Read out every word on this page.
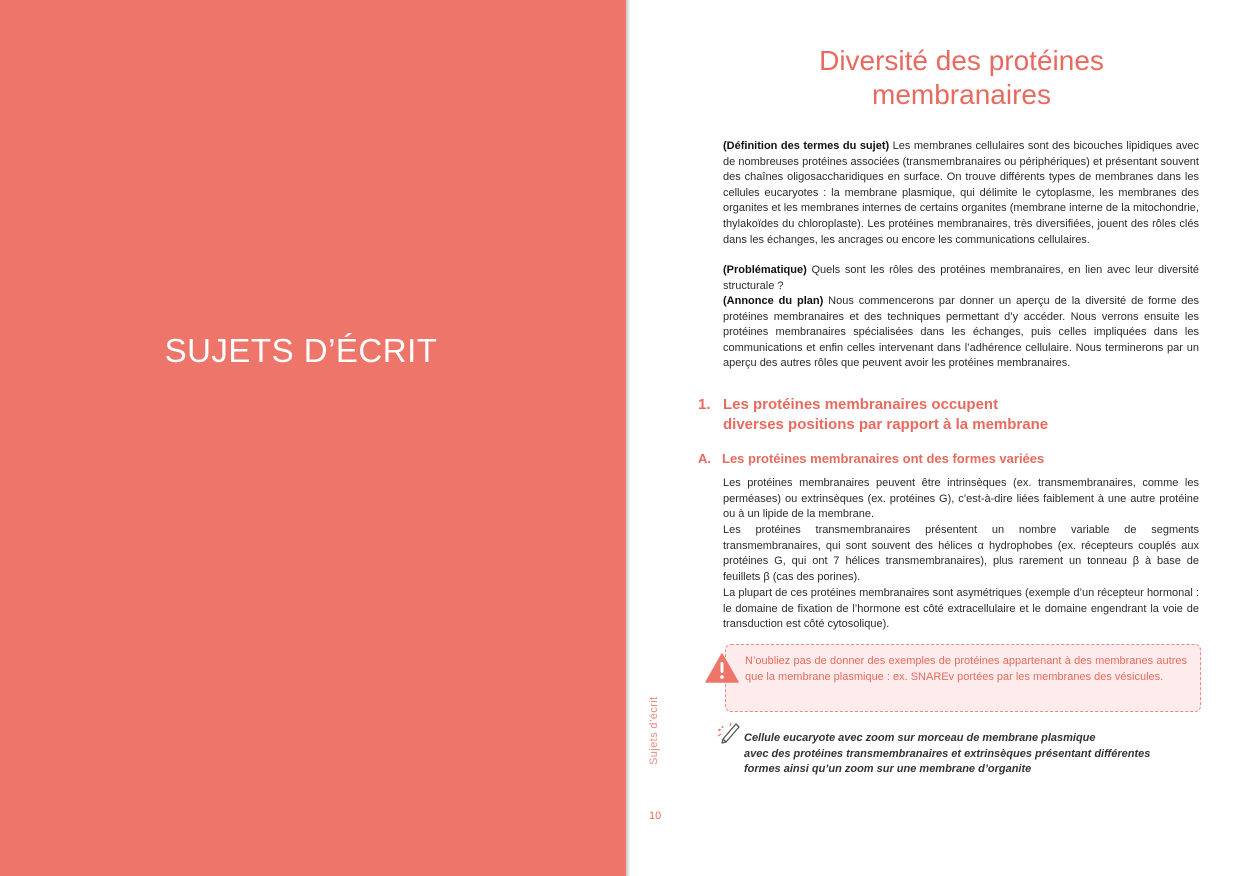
SUJETS D’ÉCRIT
Diversité des protéines
membranaires

(Définition des termes du sujet) Les membranes cellulaires sont des bicouches lipidiques avec de nombreuses protéines associées (transmembranaires ou périphériques) et présentant souvent des chaînes oligosaccharidiques en surface. On trouve différents types de membranes dans les cellules eucaryotes : la membrane plasmique, qui délimite le cytoplasme, les membranes des organites et les membranes internes de certains organites (membrane interne de la mitochondrie, thylakoïdes du chloroplaste). Les protéines membranaires, très diversifiées, jouent des rôles clés dans les échanges, les ancrages ou encore les communications cellulaires.

(Problématique) Quels sont les rôles des protéines membranaires, en lien avec leur diversité structurale ?

(Annonce du plan) Nous commencerons par donner un aperçu de la diversité de forme des protéines membranaires et des techniques permettant d’y accéder. Nous verrons ensuite les protéines membranaires spécialisées dans les échanges, puis celles impliquées dans les communications et enfin celles intervenant dans l’adhérence cellulaire. Nous terminerons par un aperçu des autres rôles que peuvent avoir les protéines membranaires.

1. Les protéines membranaires occupent
diverses positions par rapport à la membrane
A. Les protéines membranaires ont des formes variées

Les protéines membranaires peuvent être intrinsèques (ex. transmembranaires, comme les perméases) ou extrinsèques (ex. protéines G), c’est-à-dire liées faiblement à une autre protéine ou à un lipide de la membrane.

Les protéines transmembranaires présentent un nombre variable de segments transmembranaires, qui sont souvent des hélices α hydrophobes (ex. récepteurs couplés aux protéines G, qui ont 7 hélices transmembranaires), plus rarement un tonneau β à base de feuillets β (cas des porines).

La plupart de ces protéines membranaires sont asymétriques (exemple d’un récepteur hormonal : le domaine de fixation de l’hormone est côté extracellulaire et le domaine engendrant la voie de transduction est côté cytosolique).

N’oubliez pas de donner des exemples de protéines appartenant à des membranes autres que la membrane plasmique : ex. SNAREv portées par les membranes des vésicules.

Cellule eucaryote avec zoom sur morceau de membrane plasmique
avec des protéines transmembranaires et extrinsèques présentant différentes
formes ainsi qu’un zoom sur une membrane d’organite

Sujets d’écrit
10
